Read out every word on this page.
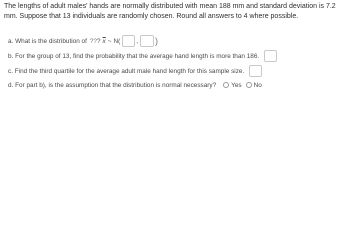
The lengths of adult males' hands are normally distributed with mean 188 mm and standard deviation is 7.2 mm. Suppose that 13 individuals are randomly chosen. Round all answers to 4 where possible.
a. What is the distribution of ? ? ? $\overline{x}$ ~ N(	, )
b. For the group of 13, find the probability that the average hand length is more than 186.
c. Find the third quartile for the average adult male hand length for this sample size.
d. For part b), is the assumption that the distribution is normal necessary? Yes No
